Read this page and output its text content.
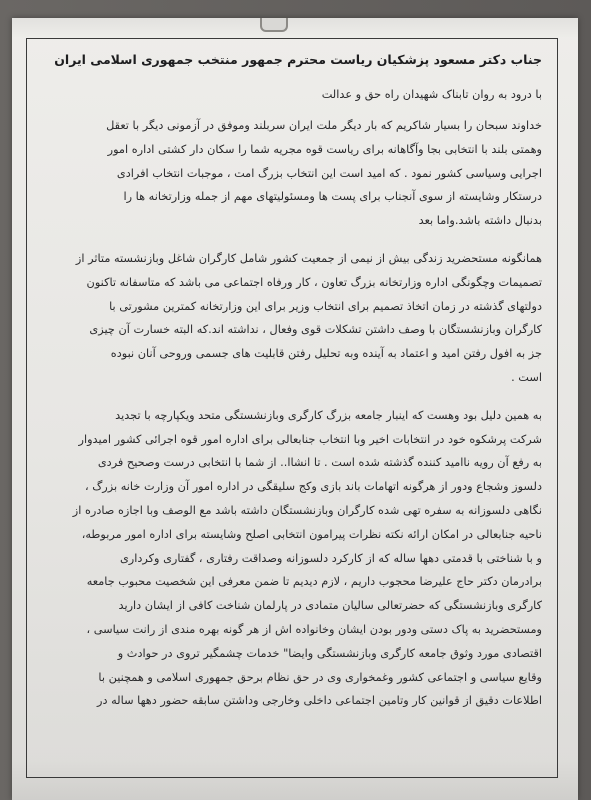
جناب دکتر مسعود پزشکیان ریاست محترم جمهور منتخب جمهوری اسلامی ایران
با درود به روان تابناک شهیدان راه حق و عدالت
خداوند سبحان را بسیار شاکریم که بار دیگر ملت ایران سربلند وموفق در آزمونی دیگر با تعقل
وهمتی بلند با انتخابی بجا وآگاهانه برای ریاست قوه مجریه شما را سکان دار کشتی اداره امور
اجرایی وسیاسی کشور نمود . که امید است این انتخاب بزرگ امت ، موجبات انتخاب افرادی
درستکار وشایسته از سوی آنجناب برای پست ها ومسئولیتهای مهم از جمله وزارتخانه ها را
بدنبال داشته باشد.واما بعد
همانگونه مستحضرید زندگی بیش از نیمی از جمعیت کشور شامل کارگران شاغل وبازنشسته متاثر از
تصمیمات وچگونگی اداره وزارتخانه بزرگ تعاون ، کار ورفاه اجتماعی می باشد که متاسفانه تاکنون
دولتهای گذشته در زمان اتخاذ تصمیم برای انتخاب وزیر برای این وزارتخانه کمترین مشورتی با
کارگران وبازنشستگان با وصف داشتن تشکلات قوی وفعال ، نداشته اند.که البته خسارت آن چیزی
جز به افول رفتن امید و اعتماد به آینده وبه تحلیل رفتن قابلیت های جسمی وروحی آنان نبوده
است .
به همین دلیل بود وهست که اینبار جامعه بزرگ کارگری وبازنشستگی متحد ویکپارچه با تجدید
شرکت پرشکوه خود در انتخابات اخیر وبا انتخاب جنابعالی برای اداره امور قوه اجرائی کشور امیدوار
به رفع آن رویه ناامید کننده گذشته شده است . تا انشاا.. از شما با انتخابی درست وصحیح فردی
دلسوز وشجاع ودور از هرگونه اتهامات باند بازی وکج سلیقگی در اداره امور آن وزارت خانه بزرگ ،
نگاهی دلسوزانه به سفره تهی شده کارگران وبازنشستگان داشته باشد مع الوصف وبا اجازه صادره از
ناحیه جنابعالی در امکان ارائه نکته نظرات پیرامون انتخابی اصلح وشایسته برای اداره امور مربوطه،
و با شناختی با قدمتی دهها ساله که از کارکرد دلسوزانه وصداقت رفتاری ، گفتاری وکرداری
برادرمان دکتر حاج علیرضا محجوب داریم ، لازم دیدیم تا ضمن معرفی این شخصیت محبوب جامعه
کارگری وبازنشستگی که حضرتعالی سالیان متمادی در پارلمان شناخت کافی از ایشان دارید
ومستحضرید به پاک دستی ودور بودن ایشان وخانواده اش از هر گونه بهره مندی از رانت سیاسی ،
اقتصادی مورد وثوق جامعه کارگری وبازنشستگی وایضا" خدمات چشمگیر تروی در حوادث و
وقایع سیاسی و اجتماعی کشور وغمخواری وی در حق نظام برحق جمهوری اسلامی و همچنین با
اطلاعات دقیق از قوانین کار وتامین اجتماعی داخلی وخارجی وداشتن سابقه حضور دهها ساله در
